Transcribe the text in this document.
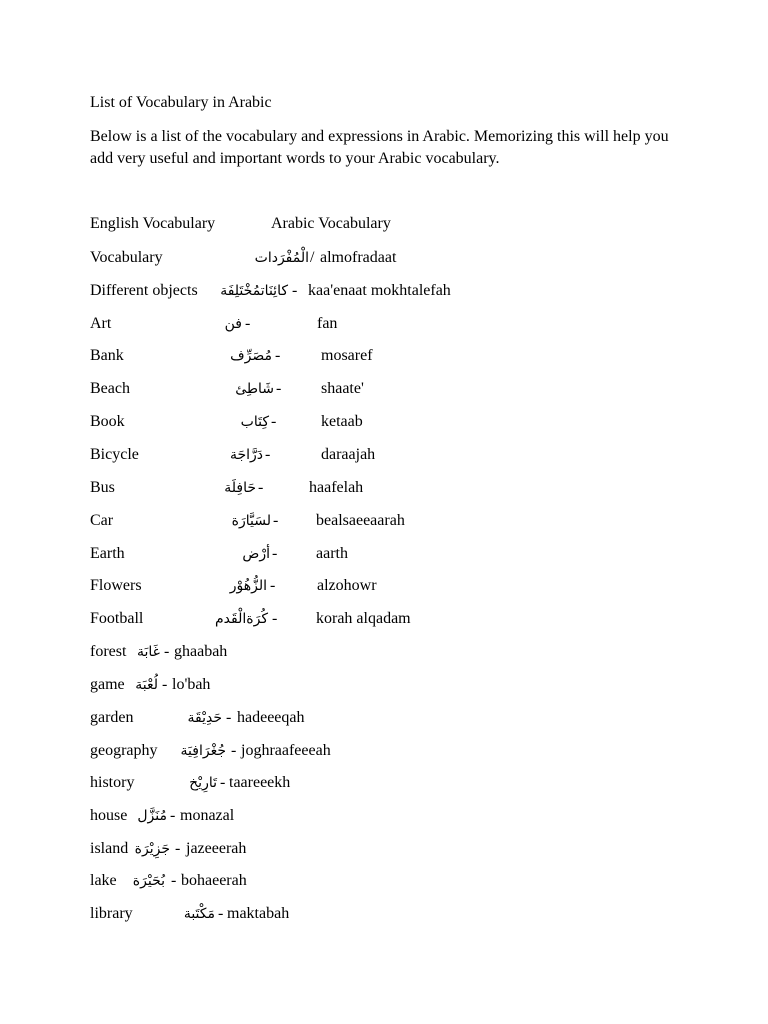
List of Vocabulary in Arabic
Below is a list of the vocabulary and expressions in Arabic. Memorizing this will help you add very useful and important words to your Arabic vocabulary.
English Vocabulary	Arabic Vocabulary
Vocabulary	الْمُفْرَدات / almofradaat
Different objects كائِنَاتمُخْتَلِفَة - kaa'enaat mokhtalefah
Art	فن -	fan
Bank	مُصَرِّف -	mosaref
Beach	شَاطِئ - shaate'
Book	كِتَاب -	ketaab
Bicycle	دَرَّاجَة -	daraajah
Bus	حَافِلَة -	haafelah
Car	لسَيَّارَة - bealsaeeaarah
Earth	أرْض - aarth
Flowers	الزُّهُوْر -	alzohowr
Football	كُرَةالْقَدم - korah alqadam
forest غَابَة - ghaabah
game لُعْبَة - lo'bah
garden	حَدِيْقَة - hadeeeqah
geography جُغْرَافِيَة - joghraafeeeah
history	تَارِيْخ - taareeekh
house مُنَزَّل - monazal
island جَزِيْرَة - jazeeerah
lake بُحَيْرَة - bohaeerah
library	مَكْتَبة - maktabah
